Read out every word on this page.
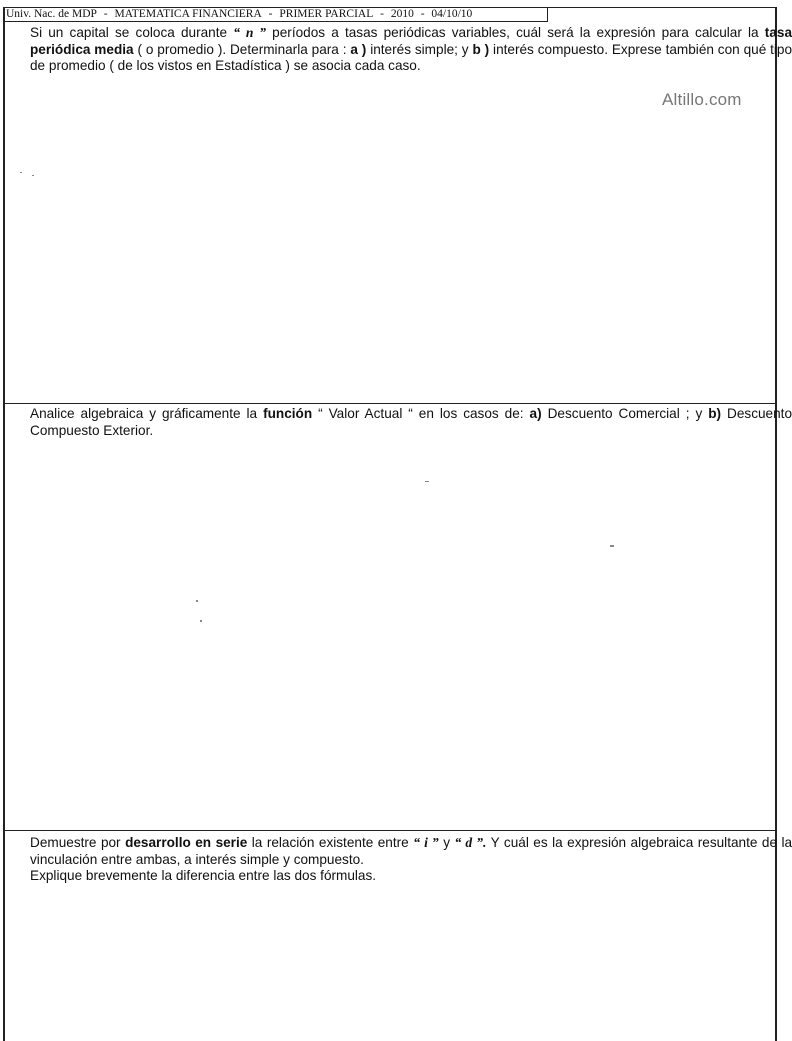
Univ. Nac. de MDP - MATEMATICA FINANCIERA - PRIMER PARCIAL - 2010 - 04/10/10
Altillo.com
Si un capital se coloca durante “ n ” períodos a tasas periódicas variables, cuál será la expresión para calcular la tasa periódica media ( o promedio ). Determinarla para : a ) interés simple; y b ) interés compuesto. Exprese también con qué tipo de promedio ( de los vistos en Estadística ) se asocia cada caso.
Analice algebraica y gráficamente la función “ Valor Actual “ en los casos de: a) Descuento Comercial ; y b) Descuento Compuesto Exterior.
Demuestre por desarrollo en serie la relación existente entre “ i ” y “ d ”. Y cuál es la expresión algebraica resultante de la vinculación entre ambas, a interés simple y compuesto.
Explique brevemente la diferencia entre las dos fórmulas.
